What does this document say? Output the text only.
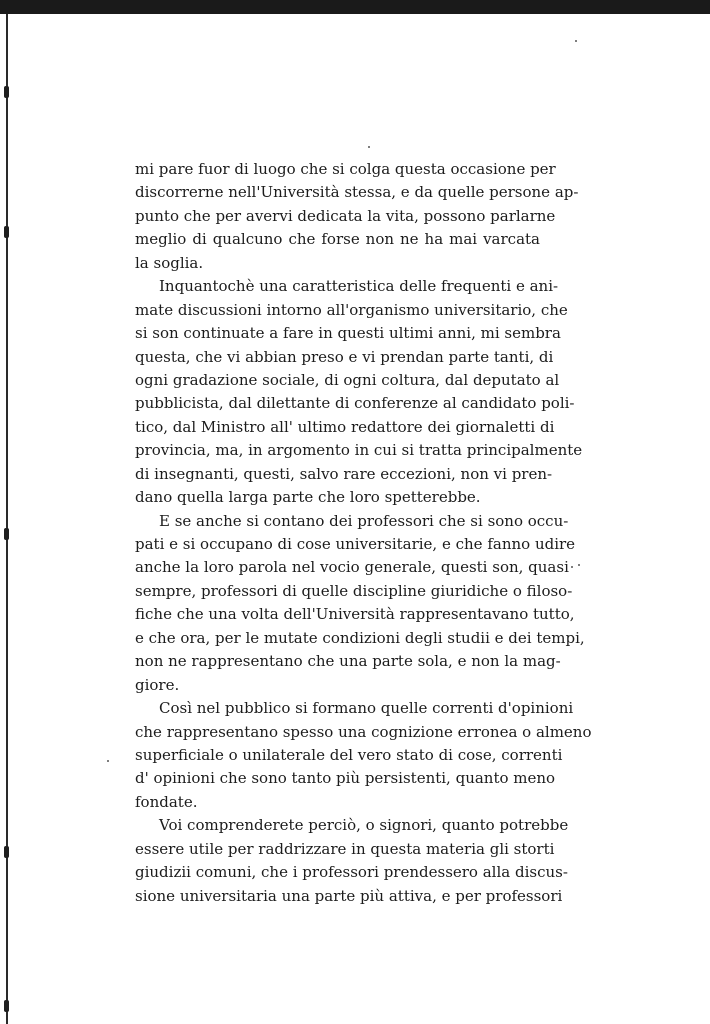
mi pare fuor di luogo che si colga questa occasione per
discorrerne nell'Università stessa, e da quelle persone ap-
punto che per avervi dedicata la vita, possono parlarne
meglio di qualcuno che forse non ne ha mai varcata
la soglia.
Inquantochè una caratteristica delle frequenti e ani-
mate discussioni intorno all'organismo universitario, che
si son continuate a fare in questi ultimi anni, mi sembra
questa, che vi abbian preso e vi prendan parte tanti, di
ogni gradazione sociale, di ogni coltura, dal deputato al
pubblicista, dal dilettante di conferenze al candidato poli-
tico, dal Ministro all' ultimo redattore dei giornaletti di
provincia, ma, in argomento in cui si tratta principalmente
di insegnanti, questi, salvo rare eccezioni, non vi pren-
dano quella larga parte che loro spetterebbe.
E se anche si contano dei professori che si sono occu-
pati e si occupano di cose universitarie, e che fanno udire
anche la loro parola nel vocio generale, questi son, quasi
sempre, professori di quelle discipline giuridiche o filoso-
fiche che una volta dell'Università rappresentavano tutto,
e che ora, per le mutate condizioni degli studii e dei tempi,
non ne rappresentano che una parte sola, e non la mag-
giore.
Così nel pubblico si formano quelle correnti d'opinioni
che rappresentano spesso una cognizione erronea o almeno
superficiale o unilaterale del vero stato di cose, correnti
d' opinioni che sono tanto più persistenti, quanto meno
fondate.
Voi comprenderete perciò, o signori, quanto potrebbe
essere utile per raddrizzare in questa materia gli storti
giudizii comuni, che i professori prendessero alla discus-
sione universitaria una parte più attiva, e per professori
